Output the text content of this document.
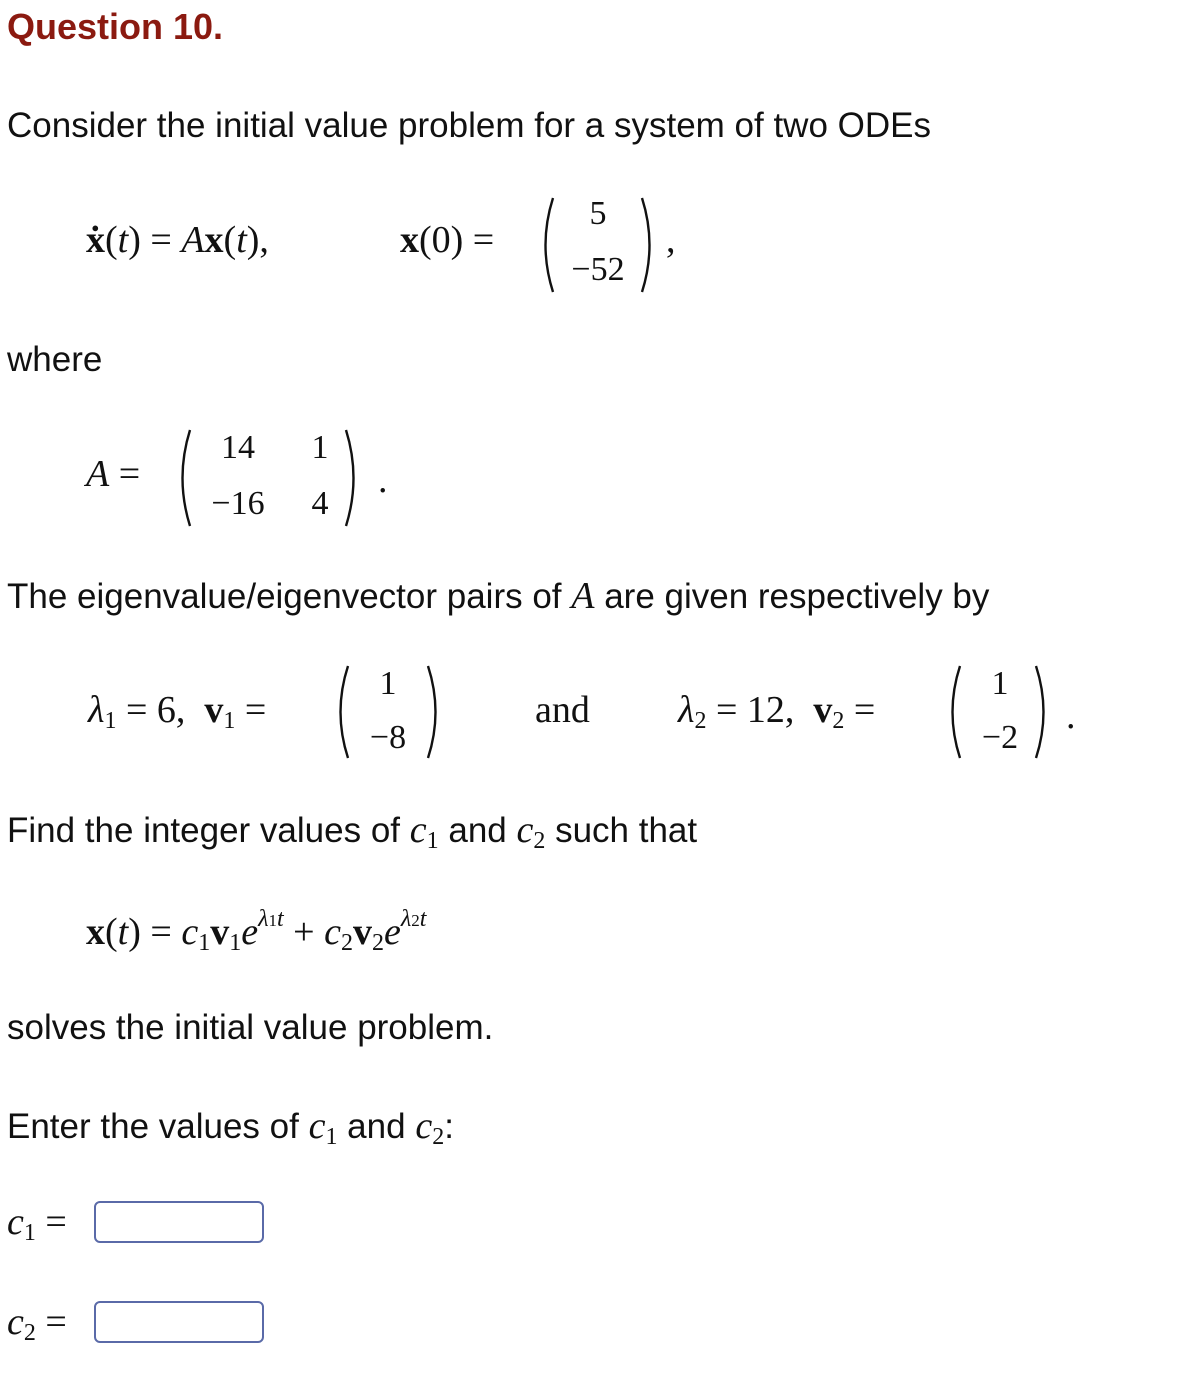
Question 10.
Consider the initial value problem for a system of two ODEs
ẋ(t) = Ax(t),	x(0) =
5
−52
,
where
A =
14
−16
1
4
.
The eigenvalue/eigenvector pairs of A are given respectively by
$\lambda_1 = 6$,  $v_1$ =
1
−8
and $\lambda_2 = 12$,  $v_2$ =
1
−2
.
Find the integer values of $c_1$ and $c_2$ such that
$x(t) = c_1v_1e^{\lambda 1t} + c_2v_2e^{\lambda 2t}$
solves the initial value problem.
Enter the values of $c_1$ and $c_2$:
$c_1$ =
$c_2$ =
